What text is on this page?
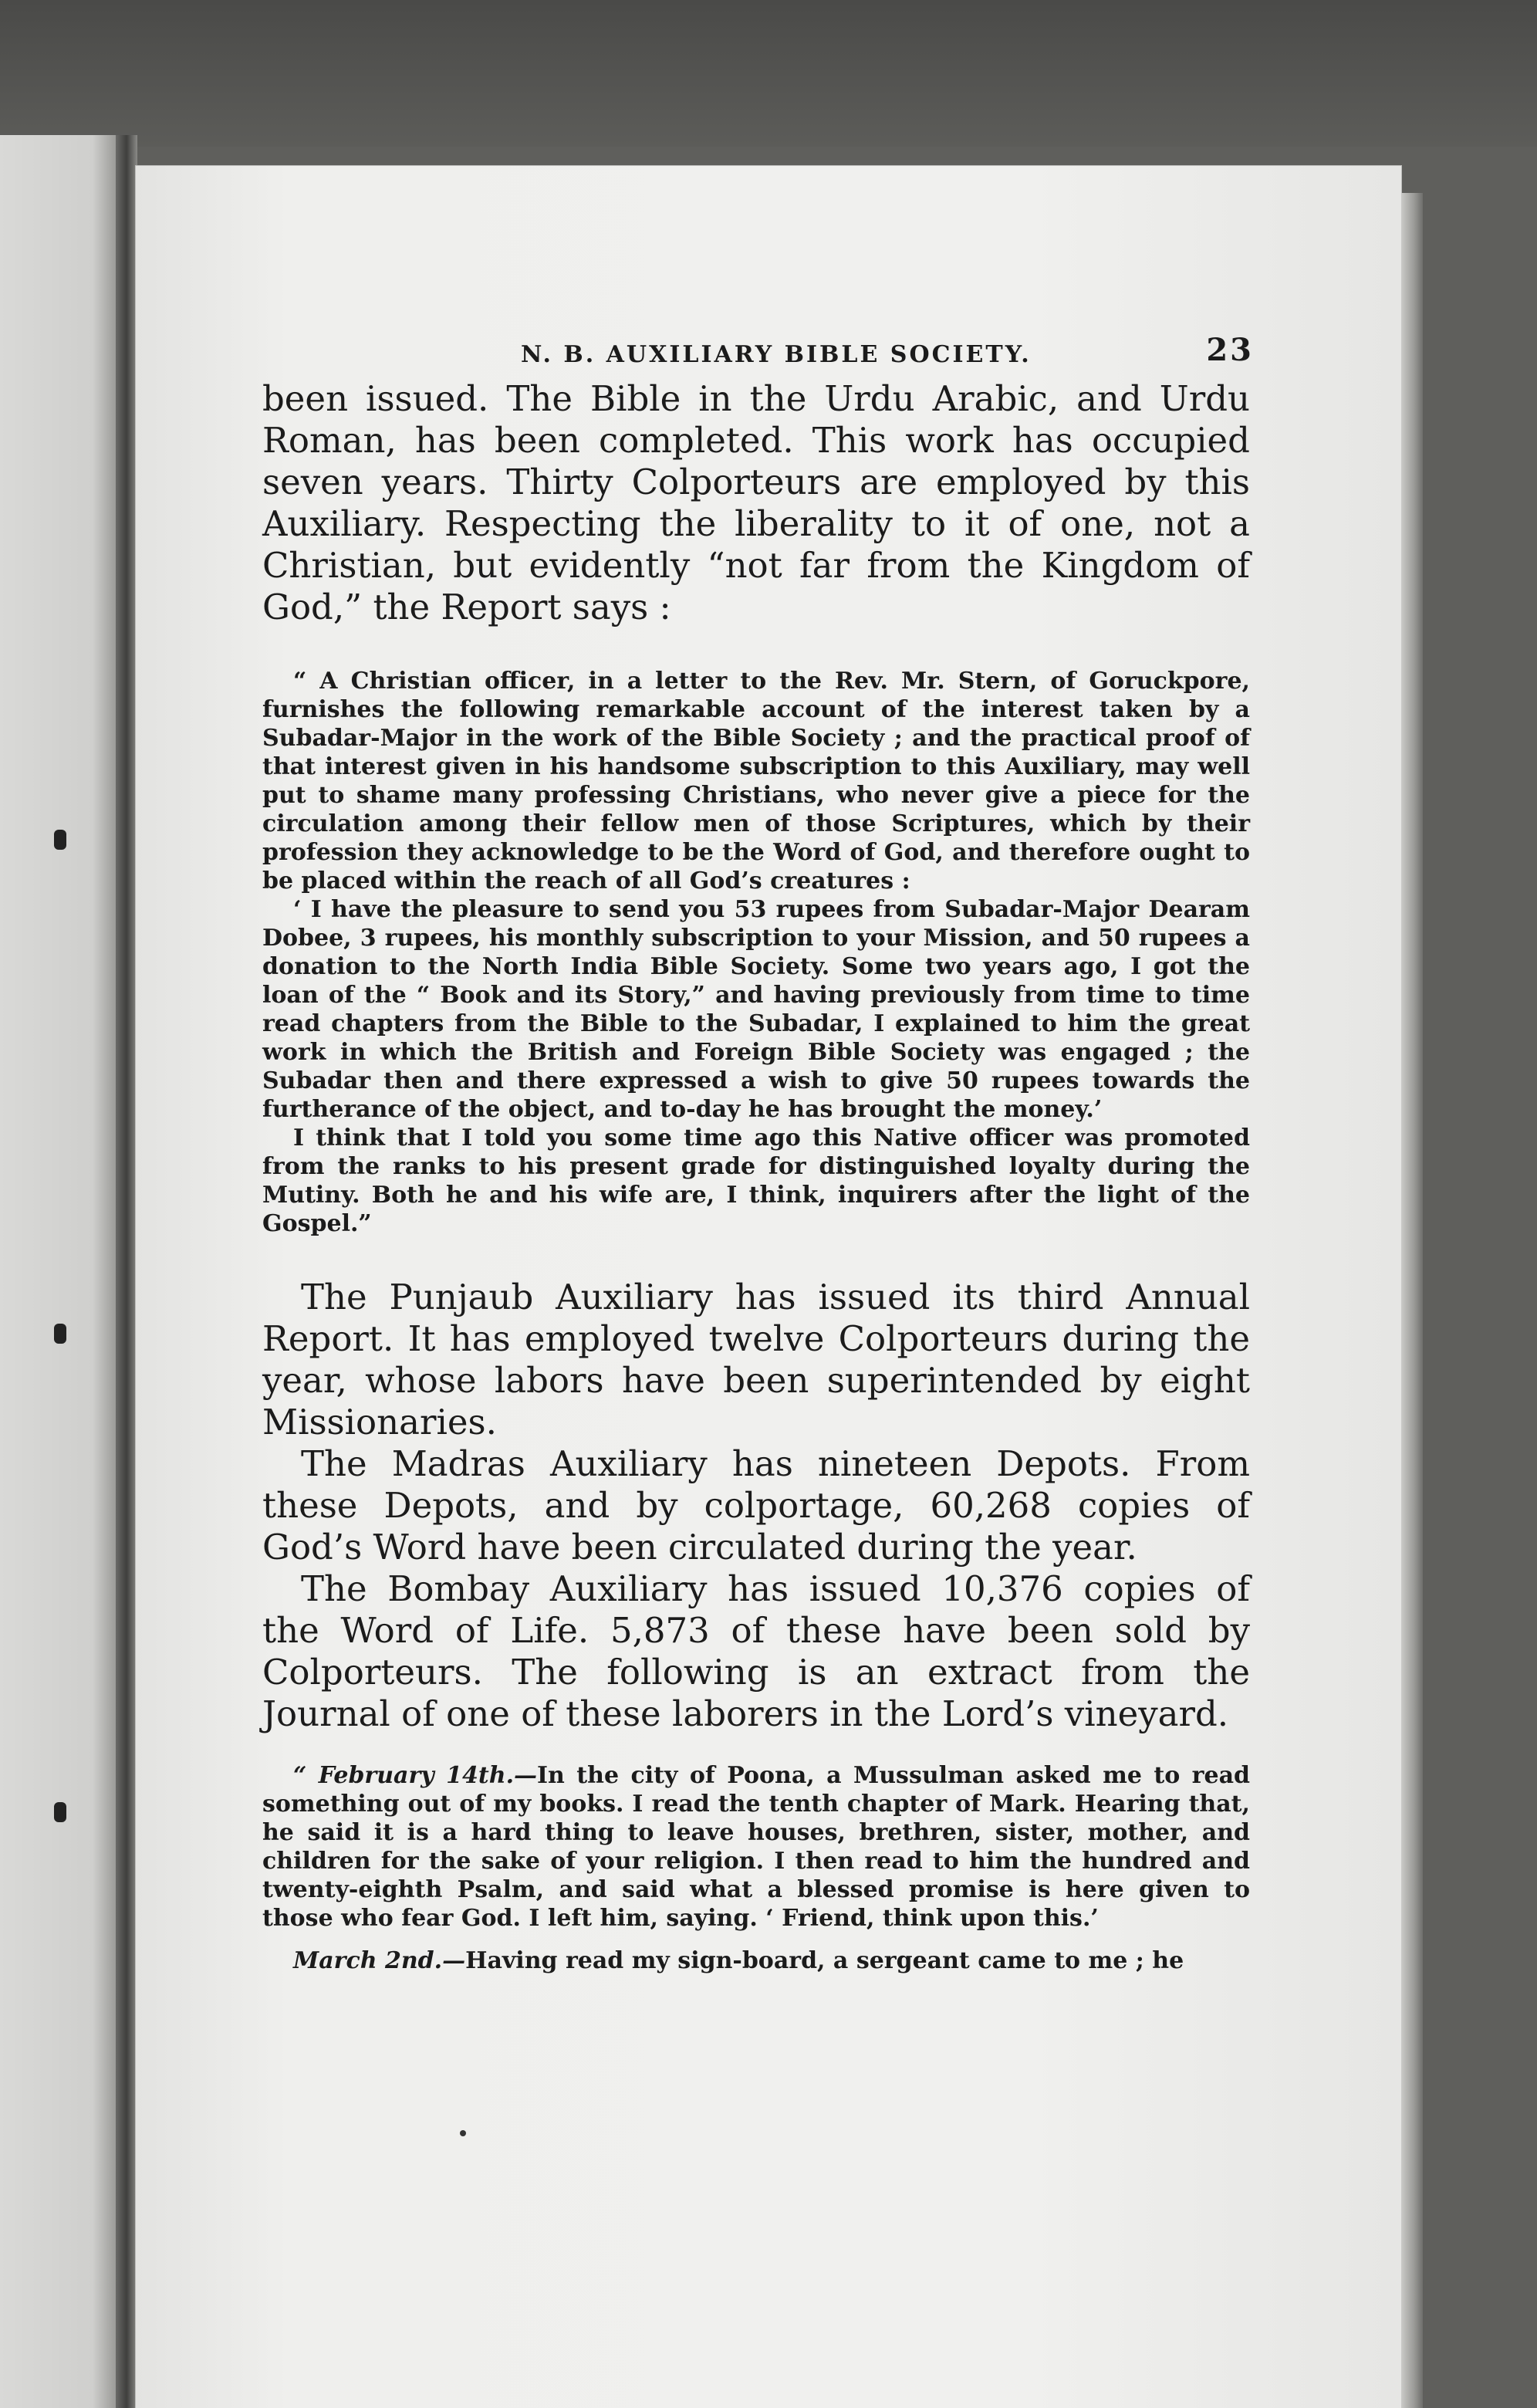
N. B. AUXILIARY BIBLE SOCIETY.	23

been issued. The Bible in the Urdu Arabic, and Urdu Roman, has been completed. This work has occupied seven years. Thirty Colporteurs are employed by this Auxiliary. Respecting the liberality to it of one, not a Christian, but evidently “not far from the Kingdom of God,” the Report says :

“ A Christian officer, in a letter to the Rev. Mr. Stern, of Goruckpore, furnishes the following remarkable account of the interest taken by a Subadar-Major in the work of the Bible Society ; and the practical proof of that interest given in his handsome subscription to this Auxiliary, may well put to shame many professing Christians, who never give a piece for the circulation among their fellow men of those Scriptures, which by their profession they acknowledge to be the Word of God, and therefore ought to be placed within the reach of all God’s creatures :

‘ I have the pleasure to send you 53 rupees from Subadar-Major Dearam Dobee, 3 rupees, his monthly subscription to your Mission, and 50 rupees a donation to the North India Bible Society. Some two years ago, I got the loan of the “ Book and its Story,” and having previously from time to time read chapters from the Bible to the Subadar, I explained to him the great work in which the British and Foreign Bible Society was engaged ; the Subadar then and there expressed a wish to give 50 rupees towards the furtherance of the object, and to-day he has brought the money.’

I think that I told you some time ago this Native officer was promoted from the ranks to his present grade for distinguished loyalty during the Mutiny. Both he and his wife are, I think, inquirers after the light of the Gospel.”

The Punjaub Auxiliary has issued its third Annual Report. It has employed twelve Colporteurs during the year, whose labors have been superintended by eight Missionaries.

The Madras Auxiliary has nineteen Depots. From these Depots, and by colportage, 60,268 copies of God’s Word have been circulated during the year.

The Bombay Auxiliary has issued 10,376 copies of the Word of Life. 5,873 of these have been sold by Colporteurs. The following is an extract from the Journal of one of these laborers in the Lord’s vineyard.

“ February 14th.—In the city of Poona, a Mussulman asked me to read something out of my books. I read the tenth chapter of Mark. Hearing that, he said it is a hard thing to leave houses, brethren, sister, mother, and children for the sake of your religion. I then read to him the hundred and twenty-eighth Psalm, and said what a blessed promise is here given to those who fear God. I left him, saying. ‘ Friend, think upon this.’

March 2nd.—Having read my sign-board, a sergeant came to me ; he
